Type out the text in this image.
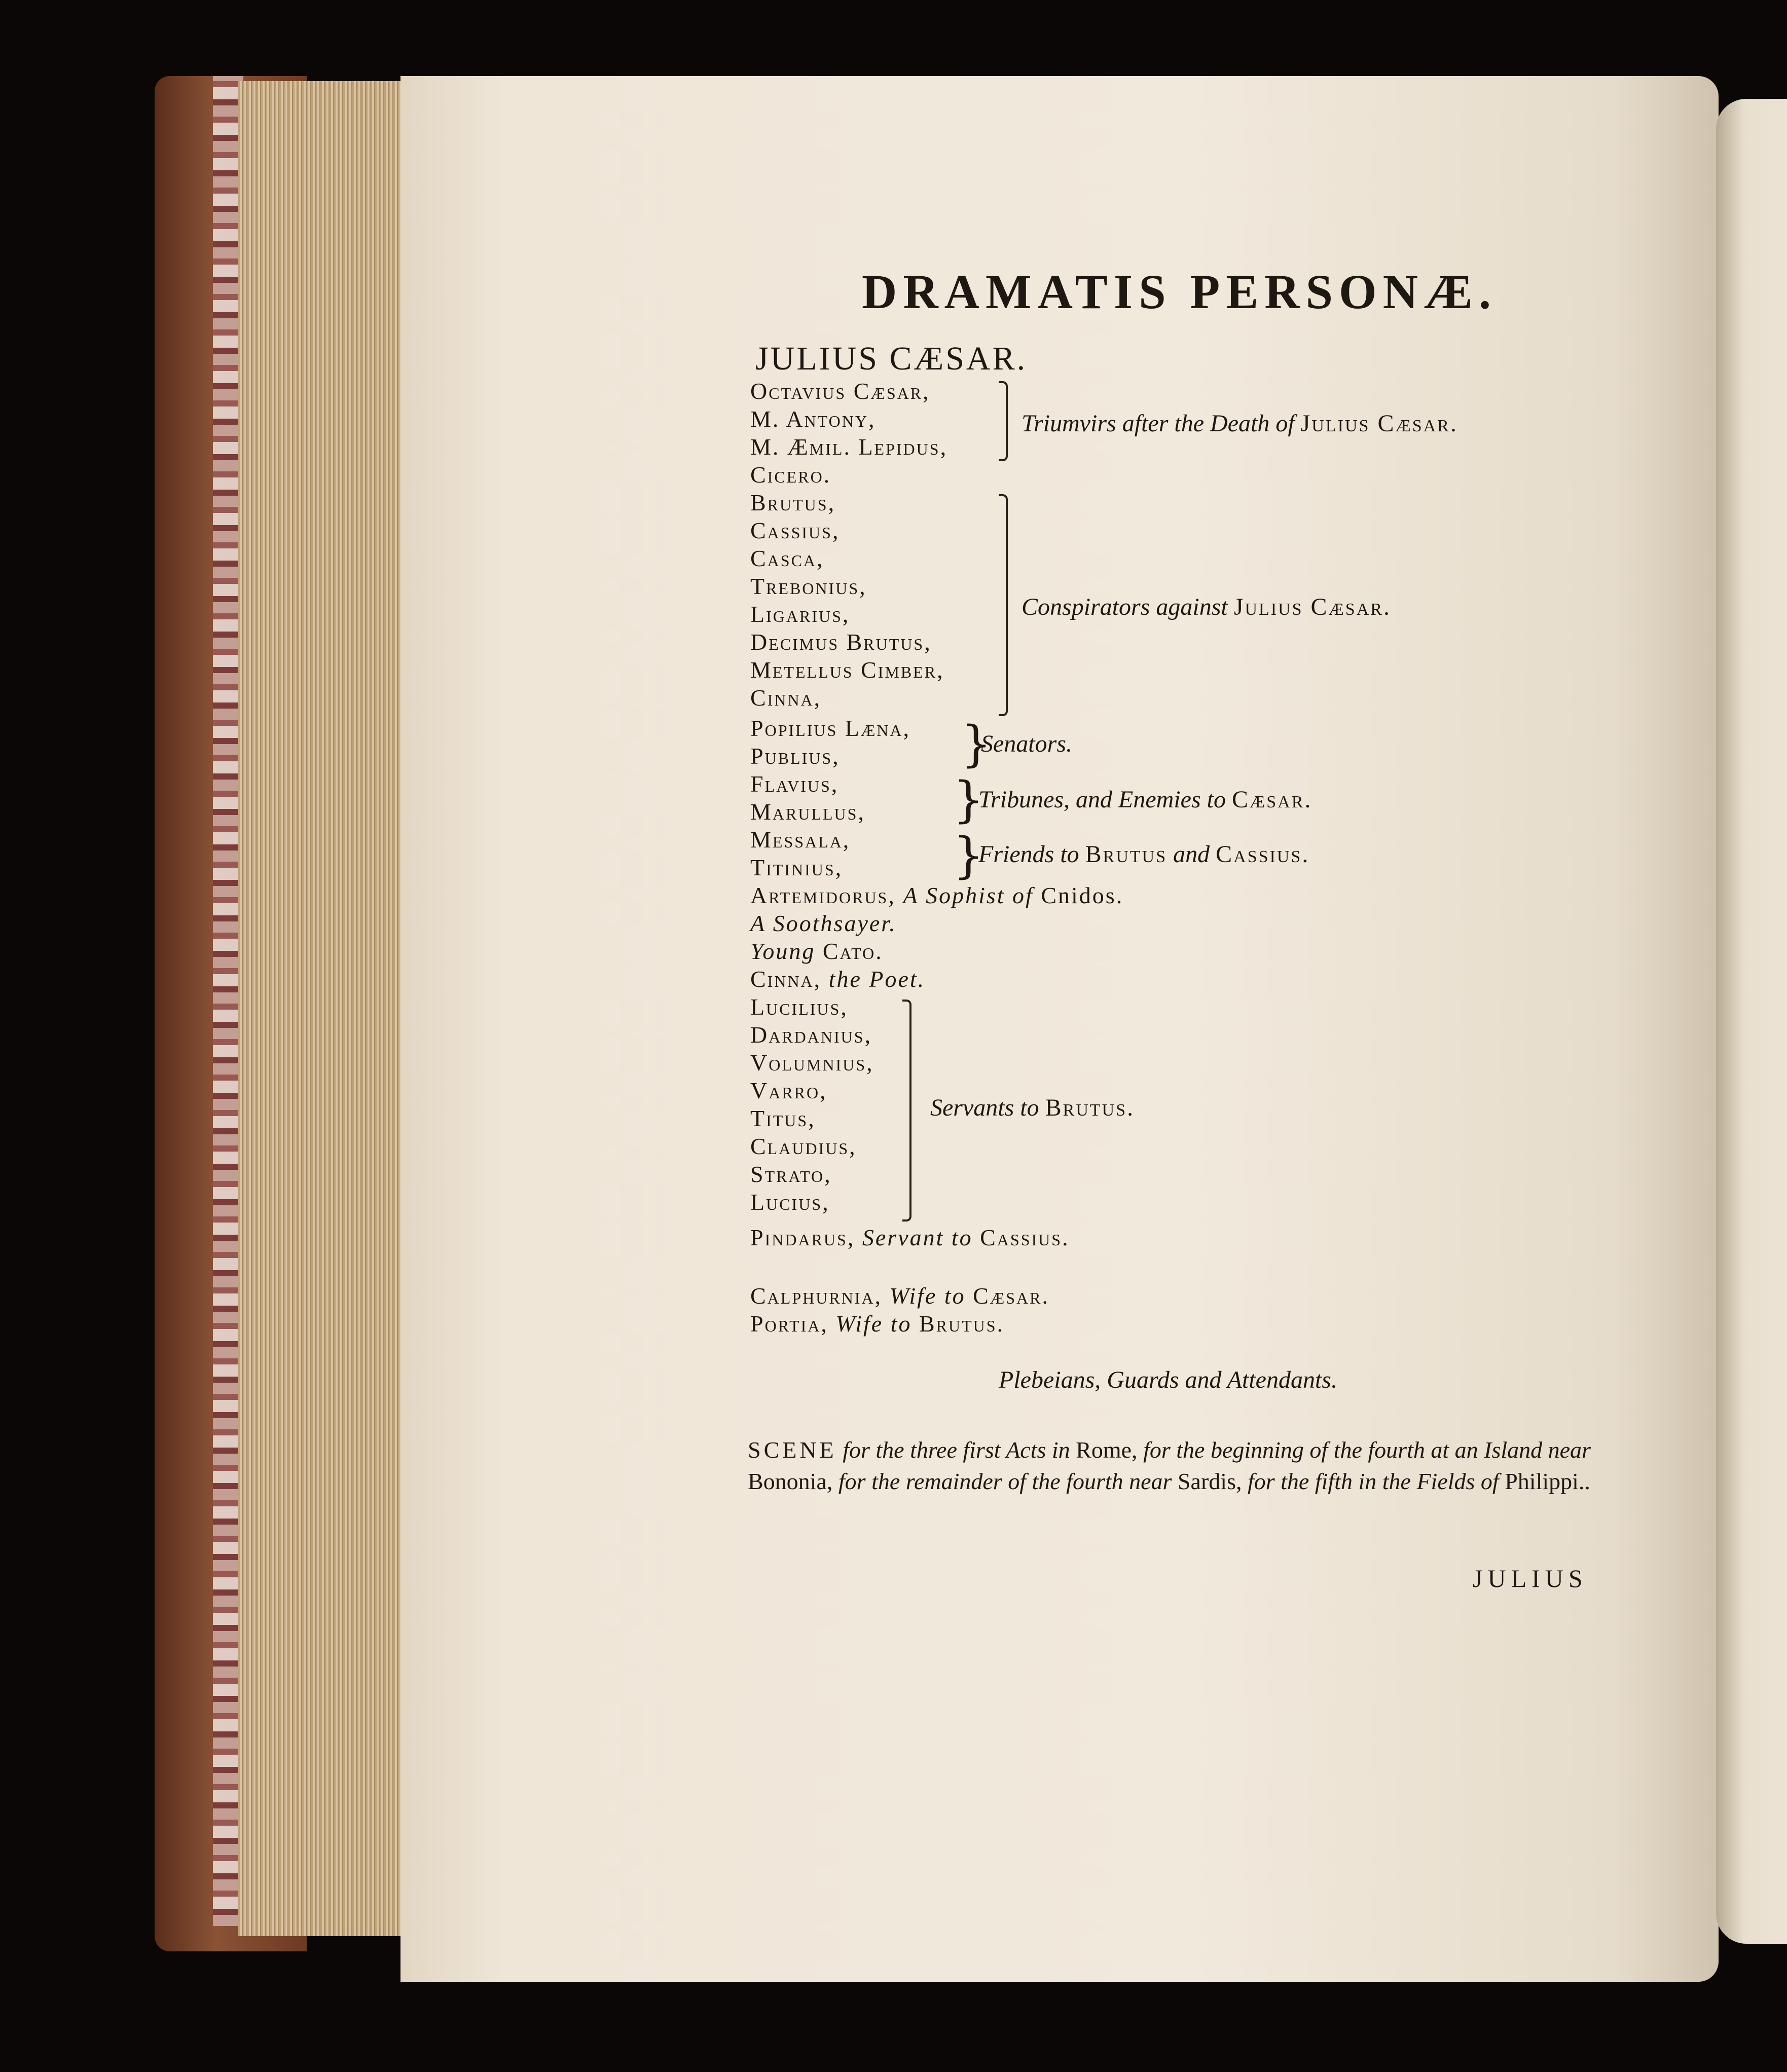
DRAMATIS PERSONÆ.
JULIUS CÆSAR.
Octavius Cæsar,
M. Antony,
M. Æmil. Lepidus,
Triumvirs after the Death of Julius Cæsar.
Cicero.
Brutus,
Cassius,
Casca,
Trebonius,
Ligarius,
Decimus Brutus,
Metellus Cimber,
Cinna,
Conspirators against Julius Cæsar.
Popilius Læna,
Publius, }
Senators.
Flavius,
Marullus, }
Tribunes, and Enemies to Cæsar.
Messala,
Titinius, }
Friends to Brutus and Cassius.
Artemidorus, A Sophist of Cnidos.
A Soothsayer.
Young Cato.
Cinna, the Poet.
Lucilius,
Dardanius,
Volumnius,
Varro,
Titus,
Claudius,
Strato,
Lucius,
Servants to Brutus.
Pindarus, Servant to Cassius.
Calphurnia, Wife to Cæsar.
Portia, Wife to Brutus.
Plebeians, Guards and Attendants.
SCENE for the three first Acts in Rome, for the beginning of the fourth at an Island near Bononia, for the remainder of the fourth near Sardis, for the fifth in the Fields of Philippi..
JULIUS
